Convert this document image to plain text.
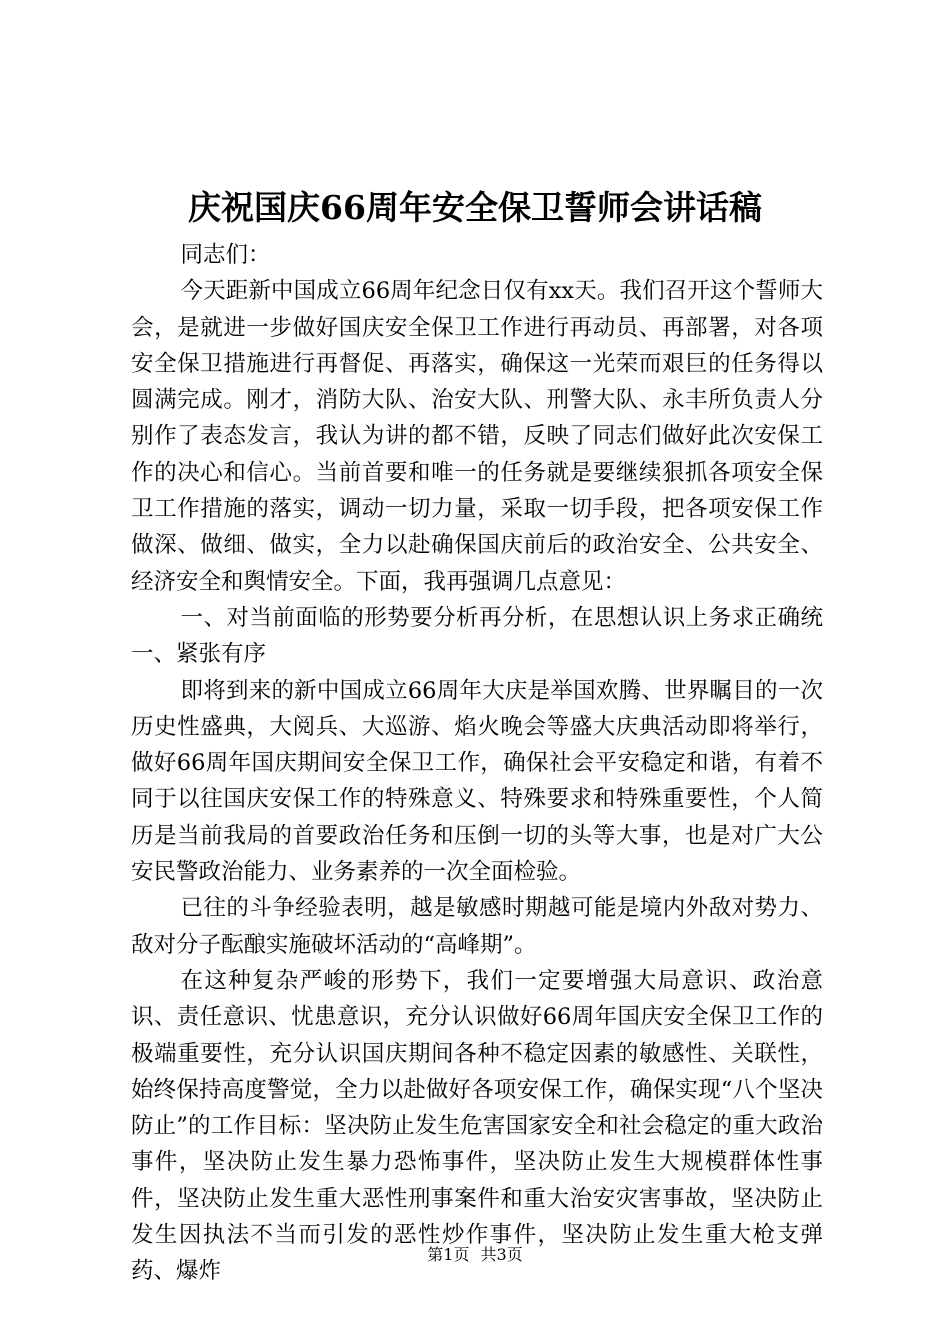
庆祝国庆66周年安全保卫誓师会讲话稿

同志们：

今天距新中国成立66周年纪念日仅有xx天。我们召开这个誓师大会，是就进一步做好国庆安全保卫工作进行再动员、再部署，对各项安全保卫措施进行再督促、再落实，确保这一光荣而艰巨的任务得以圆满完成。刚才，消防大队、治安大队、刑警大队、永丰所负责人分别作了表态发言，我认为讲的都不错，反映了同志们做好此次安保工作的决心和信心。当前首要和唯一的任务就是要继续狠抓各项安全保卫工作措施的落实，调动一切力量，采取一切手段，把各项安保工作做深、做细、做实，全力以赴确保国庆前后的政治安全、公共安全、经济安全和舆情安全。下面，我再强调几点意见：

一、对当前面临的形势要分析再分析，在思想认识上务求正确统一、紧张有序

即将到来的新中国成立66周年大庆是举国欢腾、世界瞩目的一次历史性盛典，大阅兵、大巡游、焰火晚会等盛大庆典活动即将举行，做好66周年国庆期间安全保卫工作，确保社会平安稳定和谐，有着不同于以往国庆安保工作的特殊意义、特殊要求和特殊重要性，个人简历是当前我局的首要政治任务和压倒一切的头等大事，也是对广大公安民警政治能力、业务素养的一次全面检验。

已往的斗争经验表明，越是敏感时期越可能是境内外敌对势力、敌对分子酝酿实施破坏活动的“高峰期”。

在这种复杂严峻的形势下，我们一定要增强大局意识、政治意识、责任意识、忧患意识，充分认识做好66周年国庆安全保卫工作的极端重要性，充分认识国庆期间各种不稳定因素的敏感性、关联性，始终保持高度警觉，全力以赴做好各项安保工作，确保实现“八个坚决防止”的工作目标：坚决防止发生危害国家安全和社会稳定的重大政治事件，坚决防止发生暴力恐怖事件，坚决防止发生大规模群体性事件，坚决防止发生重大恶性刑事案件和重大治安灾害事故，坚决防止发生因执法不当而引发的恶性炒作事件，坚决防止发生重大枪支弹药、爆炸

第1页 共3页
